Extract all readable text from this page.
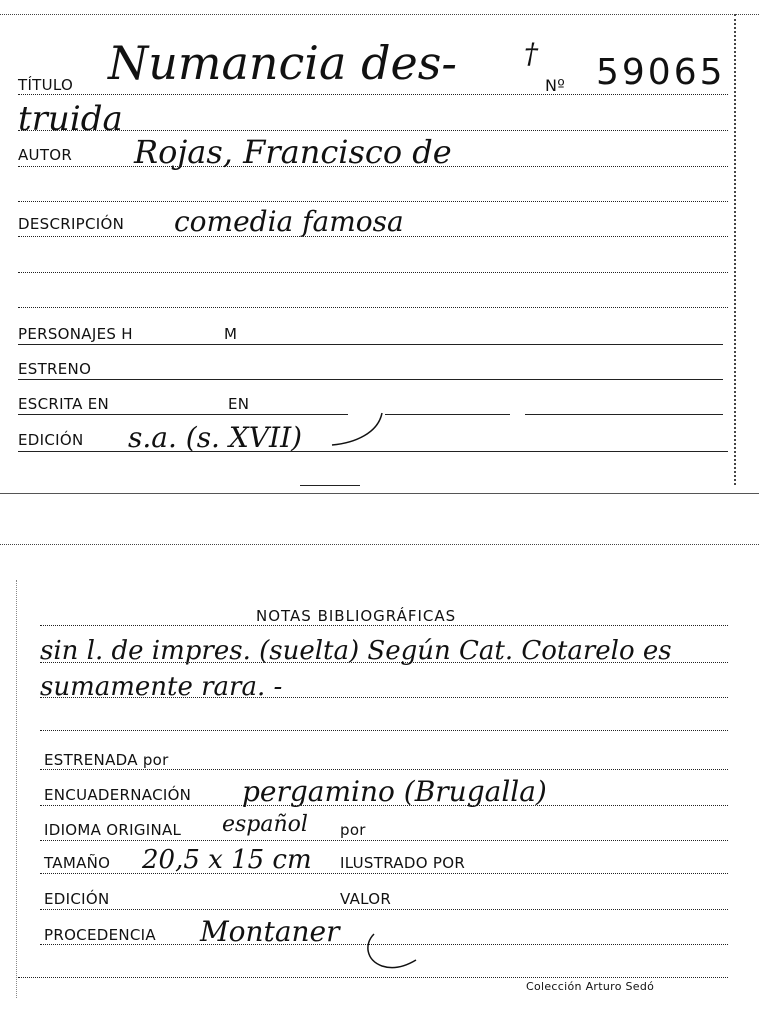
TÍTULO Numancia des- †
Nº 59065
truida
AUTOR Rojas, Francisco de
DESCRIPCIÓN comedia famosa
PERSONAJES H	M
ESTRENO
ESCRITA EN	EN
EDICIÓN s.a. (s. XVII)
NOTAS BIBLIOGRÁFICAS
sin l. de impres. (suelta) Según Cat. Cotarelo es
sumamente rara. -
ESTRENADA por
ENCUADERNACIÓN pergamino (Brugalla)
IDIOMA ORIGINAL español por
TAMAÑO 20,5 x 15 cm ILUSTRADO POR
EDICIÓN	VALOR
PROCEDENCIA Montaner
Colección Arturo Sedó
